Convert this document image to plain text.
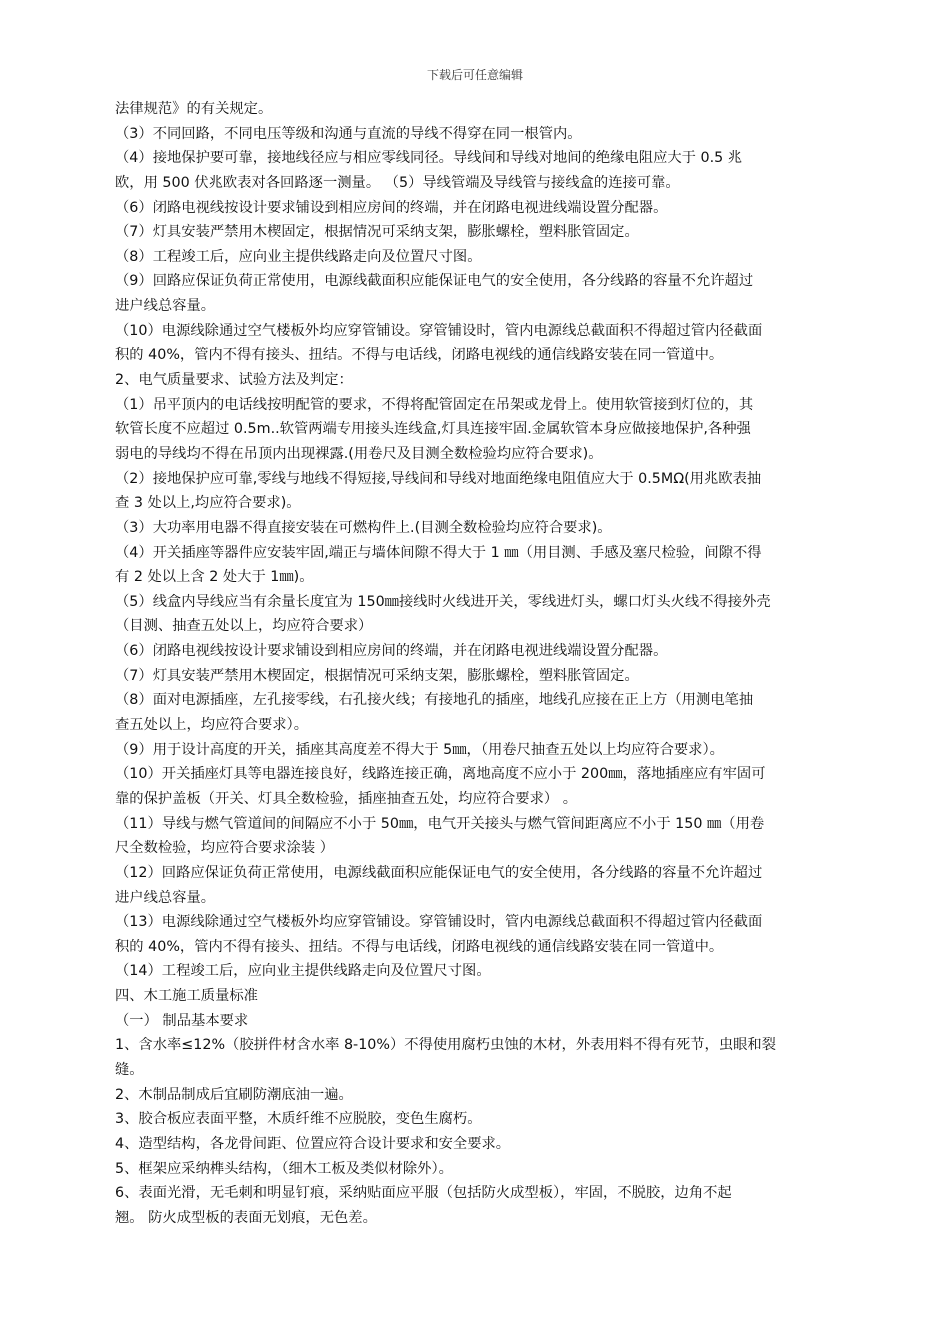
下载后可任意编辑
法律规范》的有关规定。
（3）不同回路，不同电压等级和沟通与直流的导线不得穿在同一根管内。
（4）接地保护要可靠，接地线径应与相应零线同径。导线间和导线对地间的绝缘电阻应大于 0.5 兆
欧，用 500 伏兆欧表对各回路逐一测量。 （5）导线管端及导线管与接线盒的连接可靠。
（6）闭路电视线按设计要求铺设到相应房间的终端，并在闭路电视进线端设置分配器。
（7）灯具安装严禁用木楔固定，根据情况可采纳支架，膨胀螺栓，塑料胀管固定。
（8）工程竣工后，应向业主提供线路走向及位置尺寸图。
（9）回路应保证负荷正常使用，电源线截面积应能保证电气的安全使用，各分线路的容量不允许超过
进户线总容量。
（10）电源线除通过空气楼板外均应穿管铺设。穿管铺设时，管内电源线总截面积不得超过管内径截面
积的 40%，管内不得有接头、扭结。不得与电话线，闭路电视线的通信线路安装在同一管道中。
2、电气质量要求、试验方法及判定：
（1）吊平顶内的电话线按明配管的要求，不得将配管固定在吊架或龙骨上。使用软管接到灯位的，其
软管长度不应超过 0.5m..软管两端专用接头连线盒,灯具连接牢固.金属软管本身应做接地保护,各种强
弱电的导线均不得在吊顶内出现裸露.(用卷尺及目测全数检验均应符合要求)。
（2）接地保护应可靠,零线与地线不得短接,导线间和导线对地面绝缘电阻值应大于 0.5MΩ(用兆欧表抽
查 3 处以上,均应符合要求)。
（3）大功率用电器不得直接安装在可燃构件上.(目测全数检验均应符合要求)。
（4）开关插座等器件应安装牢固,端正与墙体间隙不得大于 1 ㎜（用目测、手感及塞尺检验，间隙不得
有 2 处以上含 2 处大于 1㎜)。
（5）线盒内导线应当有余量长度宜为 150㎜接线时火线进开关，零线进灯头，螺口灯头火线不得接外壳
（目测、抽查五处以上，均应符合要求）
（6）闭路电视线按设计要求铺设到相应房间的终端，并在闭路电视进线端设置分配器。
（7）灯具安装严禁用木楔固定，根据情况可采纳支架，膨胀螺栓，塑料胀管固定。
（8）面对电源插座，左孔接零线，右孔接火线；有接地孔的插座，地线孔应接在正上方（用测电笔抽
查五处以上，均应符合要求）。
（9）用于设计高度的开关，插座其高度差不得大于 5㎜，（用卷尺抽查五处以上均应符合要求）。
（10）开关插座灯具等电器连接良好，线路连接正确，离地高度不应小于 200㎜，落地插座应有牢固可
靠的保护盖板（开关、灯具全数检验，插座抽查五处，均应符合要求） 。
（11）导线与燃气管道间的间隔应不小于 50㎜，电气开关接头与燃气管间距离应不小于 150 ㎜（用卷
尺全数检验，均应符合要求涂装 ）
（12）回路应保证负荷正常使用，电源线截面积应能保证电气的安全使用，各分线路的容量不允许超过
进户线总容量。
（13）电源线除通过空气楼板外均应穿管铺设。穿管铺设时，管内电源线总截面积不得超过管内径截面
积的 40%，管内不得有接头、扭结。不得与电话线，闭路电视线的通信线路安装在同一管道中。
（14）工程竣工后，应向业主提供线路走向及位置尺寸图。
四、木工施工质量标准
（一） 制品基本要求
1、含水率≤12%（胶拼件材含水率 8-10%）不得使用腐朽虫蚀的木材，外表用料不得有死节，虫眼和裂
缝。
2、木制品制成后宜刷防潮底油一遍。
3、胶合板应表面平整，木质纤维不应脱胶，变色生腐朽。
4、造型结构，各龙骨间距、位置应符合设计要求和安全要求。
5、框架应采纳榫头结构，（细木工板及类似材除外）。
6、表面光滑，无毛刺和明显钉痕，采纳贴面应平服（包括防火成型板），牢固，不脱胶，边角不起
翘。 防火成型板的表面无划痕，无色差。
